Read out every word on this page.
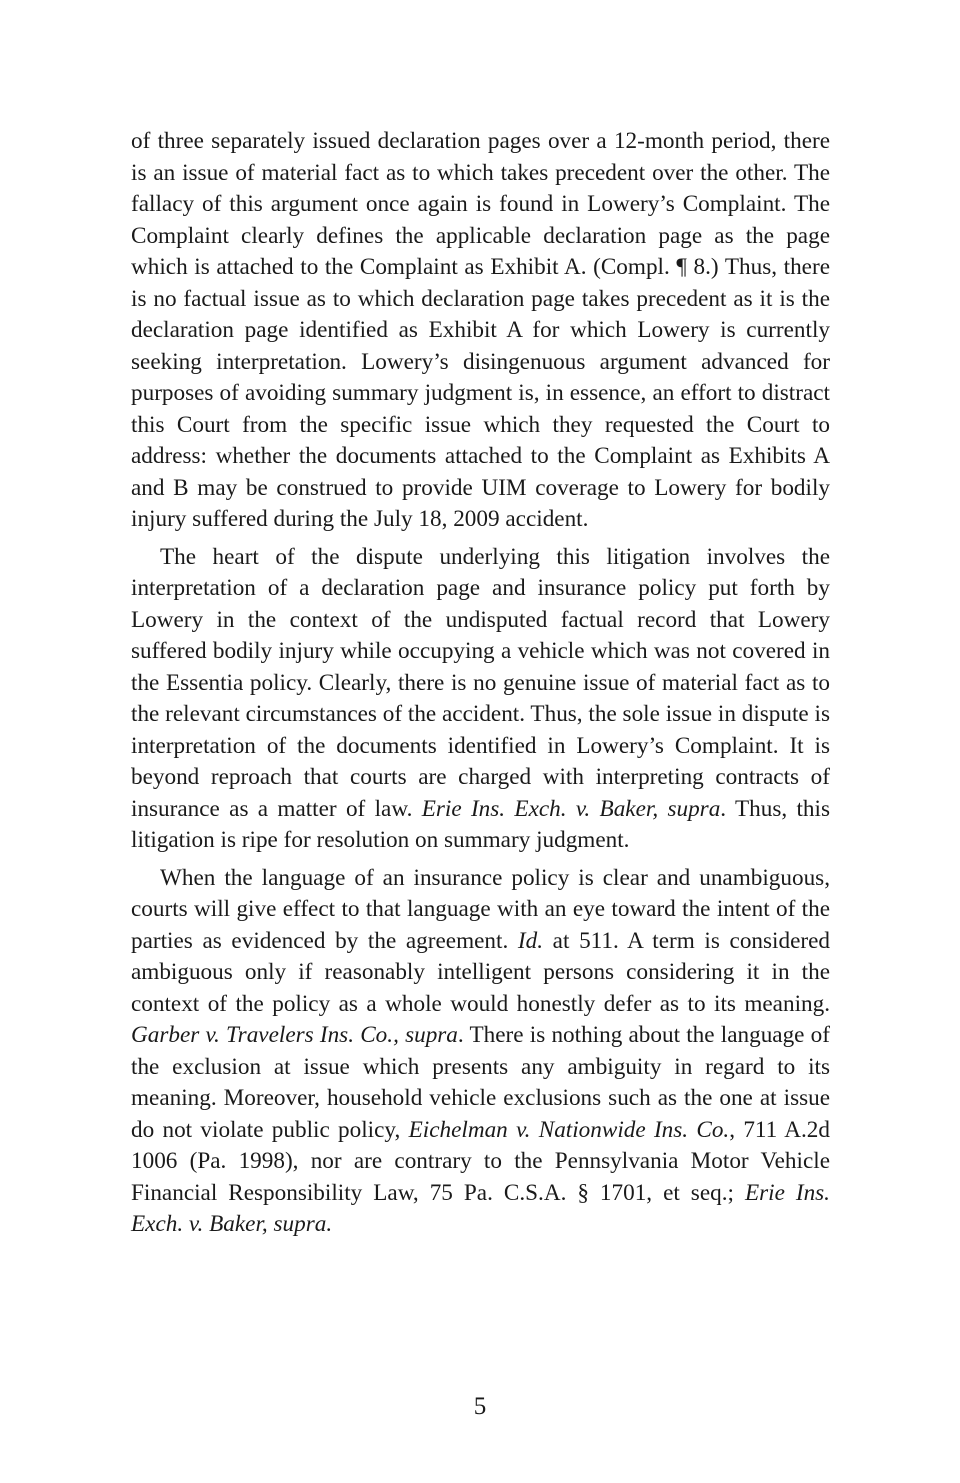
of three separately issued declaration pages over a 12-month period, there is an issue of material fact as to which takes precedent over the other. The fallacy of this argument once again is found in Lowery’s Complaint. The Complaint clearly defines the applicable declaration page as the page which is attached to the Complaint as Exhibit A. (Compl. ¶ 8.) Thus, there is no factual issue as to which declaration page takes precedent as it is the declaration page identified as Exhibit A for which Lowery is currently seeking interpretation. Lowery’s disingenuous argument advanced for purposes of avoiding summary judgment is, in essence, an effort to distract this Court from the specific issue which they requested the Court to address: whether the documents attached to the Complaint as Exhibits A and B may be construed to provide UIM coverage to Lowery for bodily injury suffered during the July 18, 2009 accident.

The heart of the dispute underlying this litigation involves the interpretation of a declaration page and insurance policy put forth by Lowery in the context of the undisputed factual record that Lowery suffered bodily injury while occupying a vehicle which was not covered in the Essentia policy. Clearly, there is no genuine issue of material fact as to the relevant circumstances of the accident. Thus, the sole issue in dispute is interpretation of the documents identified in Lowery’s Complaint. It is beyond reproach that courts are charged with interpreting contracts of insurance as a matter of law. Erie Ins. Exch. v. Baker, supra. Thus, this litigation is ripe for resolution on summary judgment.

When the language of an insurance policy is clear and unambiguous, courts will give effect to that language with an eye toward the intent of the parties as evidenced by the agreement. Id. at 511. A term is considered ambiguous only if reasonably intelligent persons considering it in the context of the policy as a whole would honestly defer as to its meaning. Garber v. Travelers Ins. Co., supra. There is nothing about the language of the exclusion at issue which presents any ambiguity in regard to its meaning. Moreover, household vehicle exclusions such as the one at issue do not violate public policy, Eichelman v. Nationwide Ins. Co., 711 A.2d 1006 (Pa. 1998), nor are contrary to the Pennsylvania Motor Vehicle Financial Responsibility Law, 75 Pa. C.S.A. § 1701, et seq.; Erie Ins. Exch. v. Baker, supra.

5
